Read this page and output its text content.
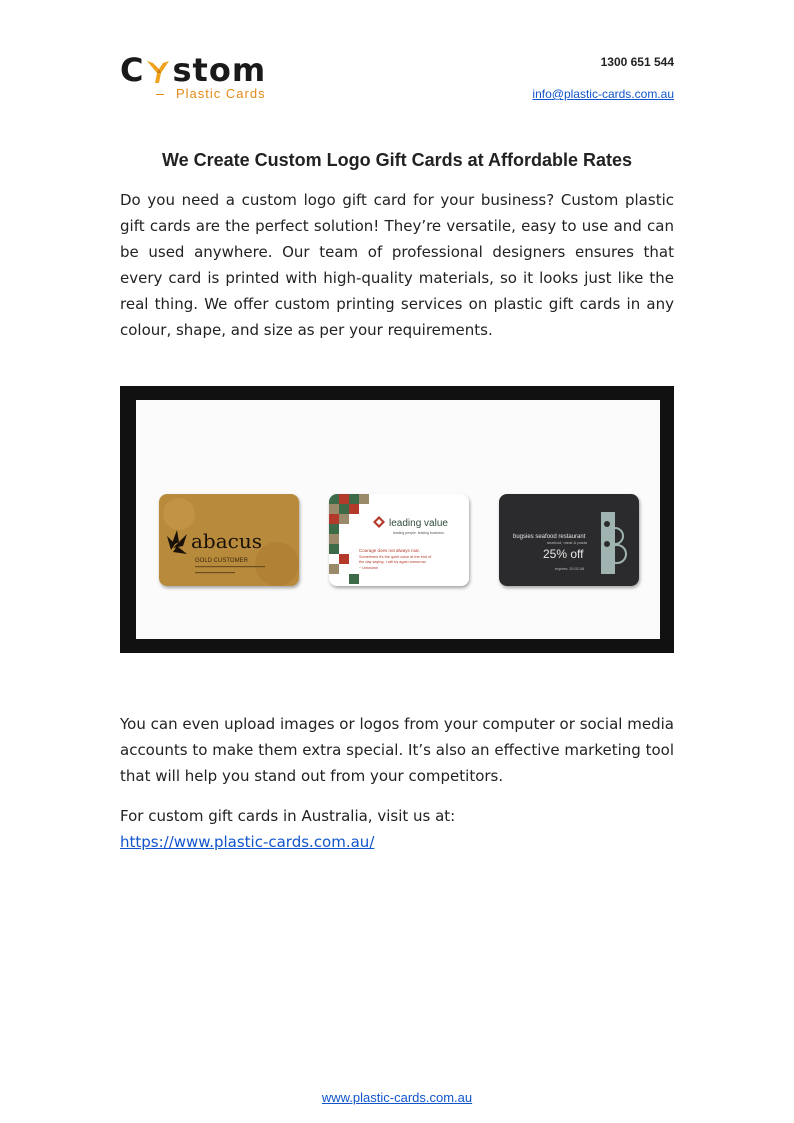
C stom
Plastic Cards
1300 651 544
info@plastic-cards.com.au
We Create Custom Logo Gift Cards at Affordable Rates

Do you need a custom logo gift card for your business? Custom plastic gift cards are the perfect solution! They’re versatile, easy to use and can be used anywhere. Our team of professional designers ensures that every card is printed with high-quality materials, so it looks just like the real thing. We offer custom printing services on plastic gift cards in any colour, shape, and size as per your requirements.

abacus
GOLD CUSTOMER
leading value
leading people. leading business.
Courage does not always roar.
Sometimes it's the quiet voice at the end of
the day saying, I will try again tomorrow.
~ Unknown
bugsies seafood restaurant
seafood, meat & pasta
25% off
expires: 20.02.08

You can even upload images or logos from your computer or social media accounts to make them extra special. It’s also an effective marketing tool that will help you stand out from your competitors.

For custom gift cards in Australia, visit us at:
https://www.plastic-cards.com.au/

www.plastic-cards.com.au
